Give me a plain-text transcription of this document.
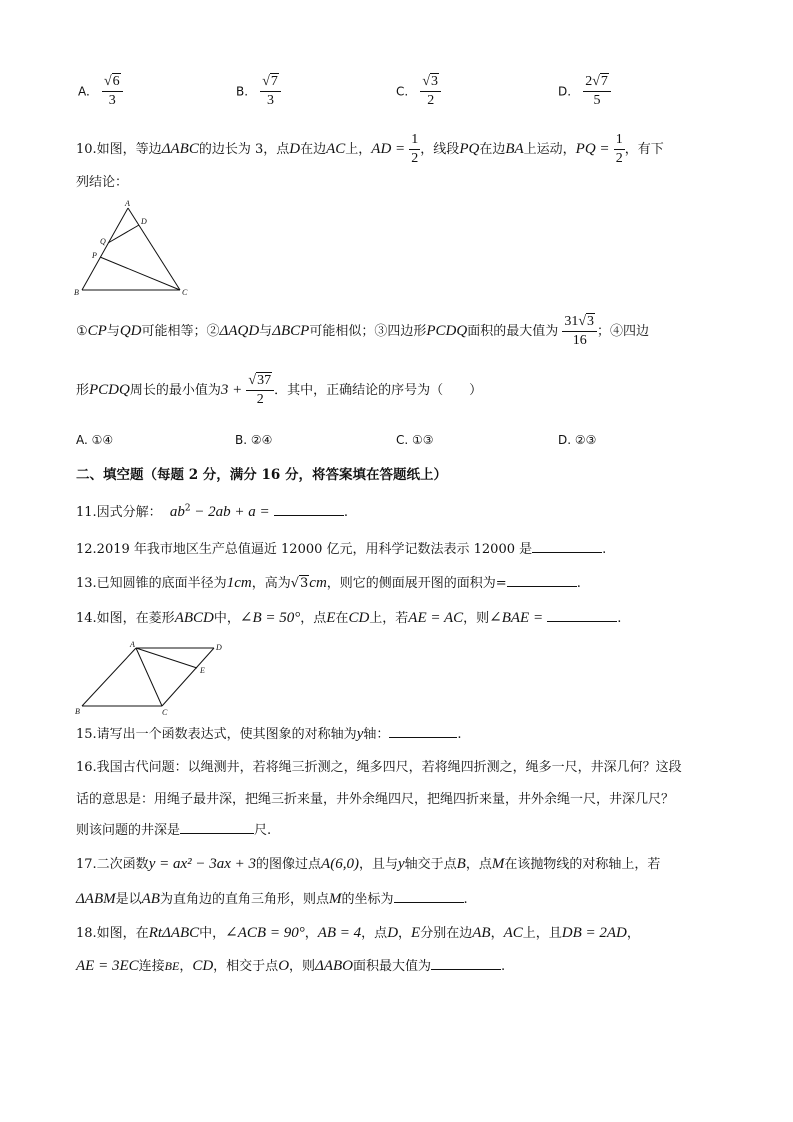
A. $\frac{√6}{3}$	B. $\frac{√7}{3}$	C. $\frac{√3}{2}$	D. $\frac{2√7}{5}$
10.如图，等边ΔABC的边长为 3，点D在边AC上，AD = $\frac{1}{2}$ ，线段PQ在边BA上运动，PQ = $\frac{1}{2}$ ，有下
列结论：
A
B	C
D
Q
P
①CP与QD可能相等；②ΔAQD与ΔBCP可能相似；③四边形PCDQ面积的最大值为 $\frac{31√3}{16}$ ；④四边
形PCDQ周长的最小值为$3 + \frac{√37}{2}$ ．其中，正确结论的序号为（　　）
A. ①④	B. ②④	C. ①③	D. ②③
二、填空题（每题 2 分，满分 16 分，将答案填在答题纸上）
11.因式分解： $ab^2 - 2ab + a$ =	.
12.2019 年我市地区生产总值逼近 12000 亿元，用科学记数法表示 12000 是	.
13.已知圆锥的底面半径为1cm，高为√3cm，则它的侧面展开图的面积为=	.
14.如图，在菱形ABCD中，∠B = 50°，点E在CD上，若AE = AC，则∠BAE =	.
A	D
E
B	C
15.请写出一个函数表达式，使其图象的对称轴为y轴：	.
16.我国古代问题：以绳测井，若将绳三折测之，绳多四尺，若将绳四折测之，绳多一尺，井深几何？这段
话的意思是：用绳子最井深，把绳三折来量，井外余绳四尺，把绳四折来量，井外余绳一尺，井深几尺？
则该问题的井深是	尺.
17.二次函数y = ax² − 3ax + 3的图像过点A(6,0)，且与y轴交于点B，点M在该抛物线的对称轴上，若
ΔABM是以AB为直角边的直角三角形，则点M的坐标为	.
18.如图，在RtΔABC中，∠ACB = 90°，AB = 4，点D，E分别在边AB，AC上，且DB = 2AD，
AE = 3EC连接BE，CD，相交于点O，则ΔABO面积最大值为	.
